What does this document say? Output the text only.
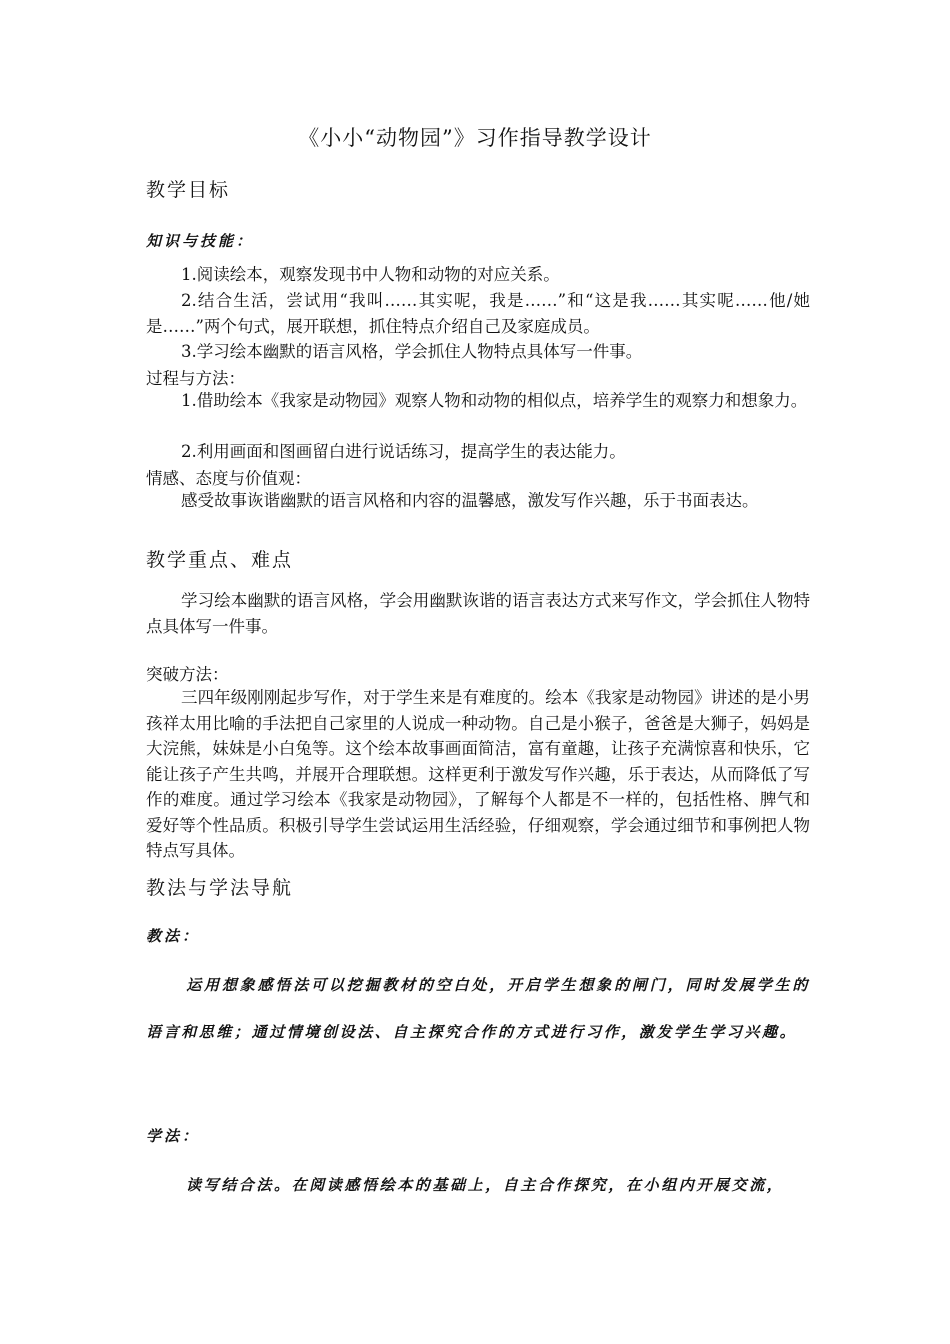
《小小“动物园”》习作指导教学设计
教学目标
知识与技能：
1.阅读绘本，观察发现书中人物和动物的对应关系。
2.结合生活，尝试用“我叫……其实呢，我是……”和“这是我……其实呢……他/她是……”两个句式，展开联想，抓住特点介绍自己及家庭成员。
3.学习绘本幽默的语言风格，学会抓住人物特点具体写一件事。
过程与方法：
1.借助绘本《我家是动物园》观察人物和动物的相似点，培养学生的观察力和想象力。
2.利用画面和图画留白进行说话练习，提高学生的表达能力。
情感、态度与价值观：
感受故事诙谐幽默的语言风格和内容的温馨感，激发写作兴趣，乐于书面表达。
教学重点、难点
学习绘本幽默的语言风格，学会用幽默诙谐的语言表达方式来写作文，学会抓住人物特点具体写一件事。
突破方法：
三四年级刚刚起步写作，对于学生来是有难度的。绘本《我家是动物园》讲述的是小男孩祥太用比喻的手法把自己家里的人说成一种动物。自己是小猴子，爸爸是大狮子，妈妈是大浣熊，妹妹是小白兔等。这个绘本故事画面简洁，富有童趣，让孩子充满惊喜和快乐，它能让孩子产生共鸣，并展开合理联想。这样更利于激发写作兴趣，乐于表达，从而降低了写作的难度。通过学习绘本《我家是动物园》，了解每个人都是不一样的，包括性格、脾气和爱好等个性品质。积极引导学生尝试运用生活经验，仔细观察，学会通过细节和事例把人物特点写具体。
教法与学法导航
教法：
运用想象感悟法可以挖掘教材的空白处，开启学生想象的闸门，同时发展学生的语言和思维；通过情境创设法、自主探究合作的方式进行习作，激发学生学习兴趣。
学法：
读写结合法。在阅读感悟绘本的基础上，自主合作探究，在小组内开展交流，
